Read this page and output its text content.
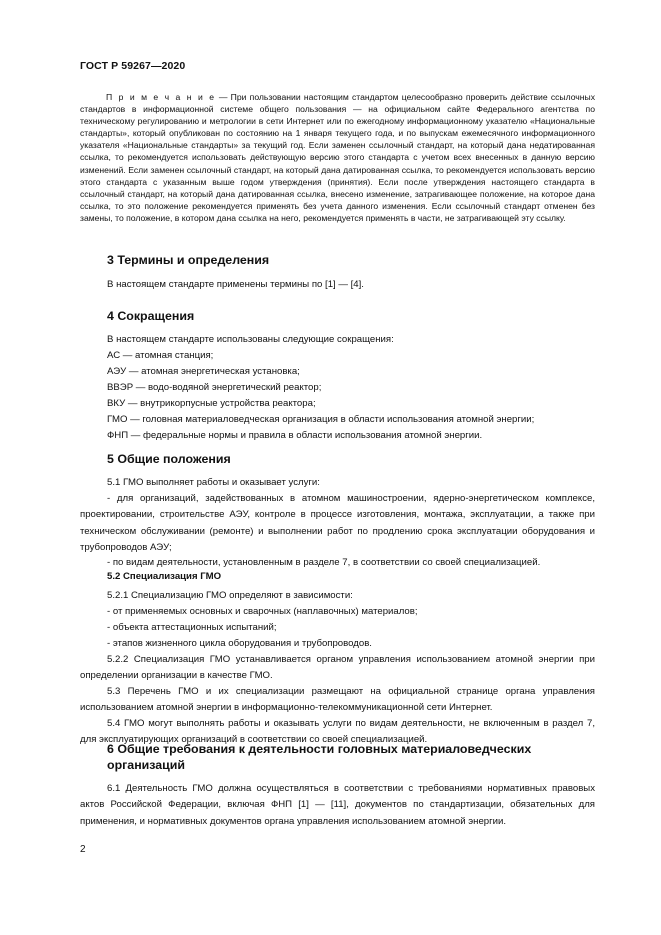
ГОСТ Р 59267—2020
П р и м е ч а н и е — При пользовании настоящим стандартом целесообразно проверить действие ссылочных стандартов в информационной системе общего пользования — на официальном сайте Федерального агентства по техническому регулированию и метрологии в сети Интернет или по ежегодному информационному указателю «Национальные стандарты», который опубликован по состоянию на 1 января текущего года, и по выпускам ежемесячного информационного указателя «Национальные стандарты» за текущий год. Если заменен ссылочный стандарт, на который дана недатированная ссылка, то рекомендуется использовать действующую версию этого стандарта с учетом всех внесенных в данную версию изменений. Если заменен ссылочный стандарт, на который дана датированная ссылка, то рекомендуется использовать версию этого стандарта с указанным выше годом утверждения (принятия). Если после утверждения настоящего стандарта в ссылочный стандарт, на который дана датированная ссылка, внесено изменение, затрагивающее положение, на которое дана ссылка, то это положение рекомендуется применять без учета данного изменения. Если ссылочный стандарт отменен без замены, то положение, в котором дана ссылка на него, рекомендуется применять в части, не затрагивающей эту ссылку.
3 Термины и определения

В настоящем стандарте применены термины по [1] — [4].

4 Сокращения

В настоящем стандарте использованы следующие сокращения:

АС — атомная станция;

АЭУ — атомная энергетическая установка;

ВВЭР — водо-водяной энергетический реактор;

ВКУ — внутрикорпусные устройства реактора;

ГМО — головная материаловедческая организация в области использования атомной энергии;

ФНП — федеральные нормы и правила в области использования атомной энергии.

5 Общие положения

5.1 ГМО выполняет работы и оказывает услуги:

- для организаций, задействованных в атомном машиностроении, ядерно-энергетическом комплексе, проектировании, строительстве АЭУ, контроле в процессе изготовления, монтажа, эксплуатации, а также при техническом обслуживании (ремонте) и выполнении работ по продлению срока эксплуатации оборудования и трубопроводов АЭУ;

- по видам деятельности, установленным в разделе 7, в соответствии со своей специализацией.

5.2 Специализация ГМО

5.2.1 Специализацию ГМО определяют в зависимости:

- от применяемых основных и сварочных (наплавочных) материалов;

- объекта аттестационных испытаний;

- этапов жизненного цикла оборудования и трубопроводов.

5.2.2 Специализация ГМО устанавливается органом управления использованием атомной энергии при определении организации в качестве ГМО.

5.3 Перечень ГМО и их специализации размещают на официальной странице органа управления использованием атомной энергии в информационно-телекоммуникационной сети Интернет.

5.4 ГМО могут выполнять работы и оказывать услуги по видам деятельности, не включенным в раздел 7, для эксплуатирующих организаций в соответствии со своей специализацией.

6 Общие требования к деятельности головных материаловедческих организаций

6.1 Деятельность ГМО должна осуществляться в соответствии с требованиями нормативных правовых актов Российской Федерации, включая ФНП [1] — [11], документов по стандартизации, обязательных для применения, и нормативных документов органа управления использованием атомной энергии.

2
